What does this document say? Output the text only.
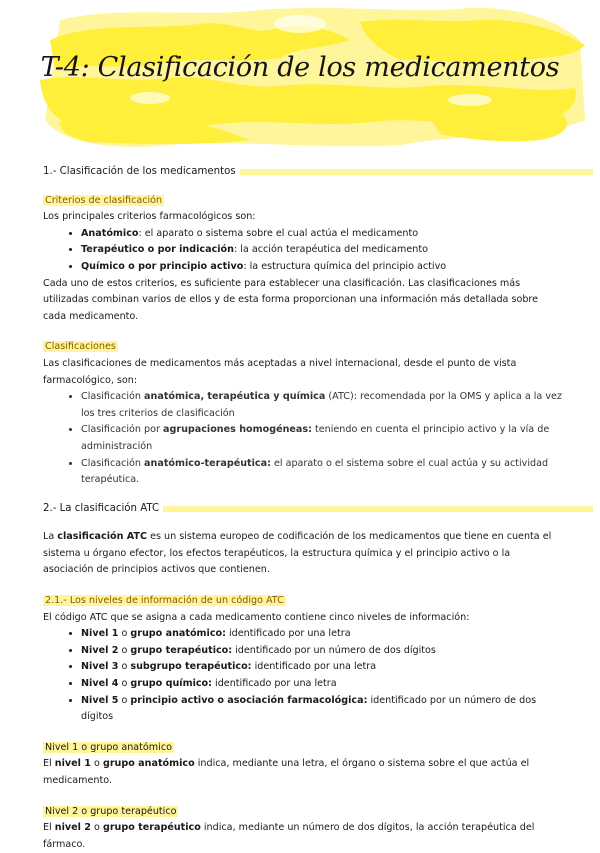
T-4: Clasificación de los medicamentos
1.- Clasificación de los medicamentos

Criterios de clasificación

Los principales criterios farmacológicos son:

• Anatómico: el aparato o sistema sobre el cual actúa el medicamento
• Terapéutico o por indicación: la acción terapéutica del medicamento
• Químico o por principio activo: la estructura química del principio activo

Cada uno de estos criterios, es suficiente para establecer una clasificación. Las clasificaciones más utilizadas combinan varios de ellos y de esta forma proporcionan una información más detallada sobre cada medicamento.

Clasificaciones

Las clasificaciones de medicamentos más aceptadas a nivel internacional, desde el punto de vista farmacológico, son:

• Clasificación anatómica, terapéutica y química (ATC): recomendada por la OMS y aplica a la vez los tres criterios de clasificación
• Clasificación por agrupaciones homogéneas: teniendo en cuenta el principio activo y la vía de administración
• Clasificación anatómico-terapéutica: el aparato o el sistema sobre el cual actúa y su actividad terapéutica.
2.- La clasificación ATC

La clasificación ATC es un sistema europeo de codificación de los medicamentos que tiene en cuenta el sistema u órgano efector, los efectos terapéuticos, la estructura química y el principio activo o la asociación de principios activos que contienen.

2.1.- Los niveles de información de un código ATC

El código ATC que se asigna a cada medicamento contiene cinco niveles de información:

• Nivel 1 o grupo anatómico: identificado por una letra
• Nivel 2 o grupo terapéutico: identificado por un número de dos dígitos
• Nivel 3 o subgrupo terapéutico: identificado por una letra
• Nivel 4 o grupo químico: identificado por una letra
• Nivel 5 o principio activo o asociación farmacológica: identificado por un número de dos dígitos

Nivel 1 o grupo anatómico

El nivel 1 o grupo anatómico indica, mediante una letra, el órgano o sistema sobre el que actúa el medicamento.

Nivel 2 o grupo terapéutico

El nivel 2 o grupo terapéutico indica, mediante un número de dos dígitos, la acción terapéutica del fármaco.
